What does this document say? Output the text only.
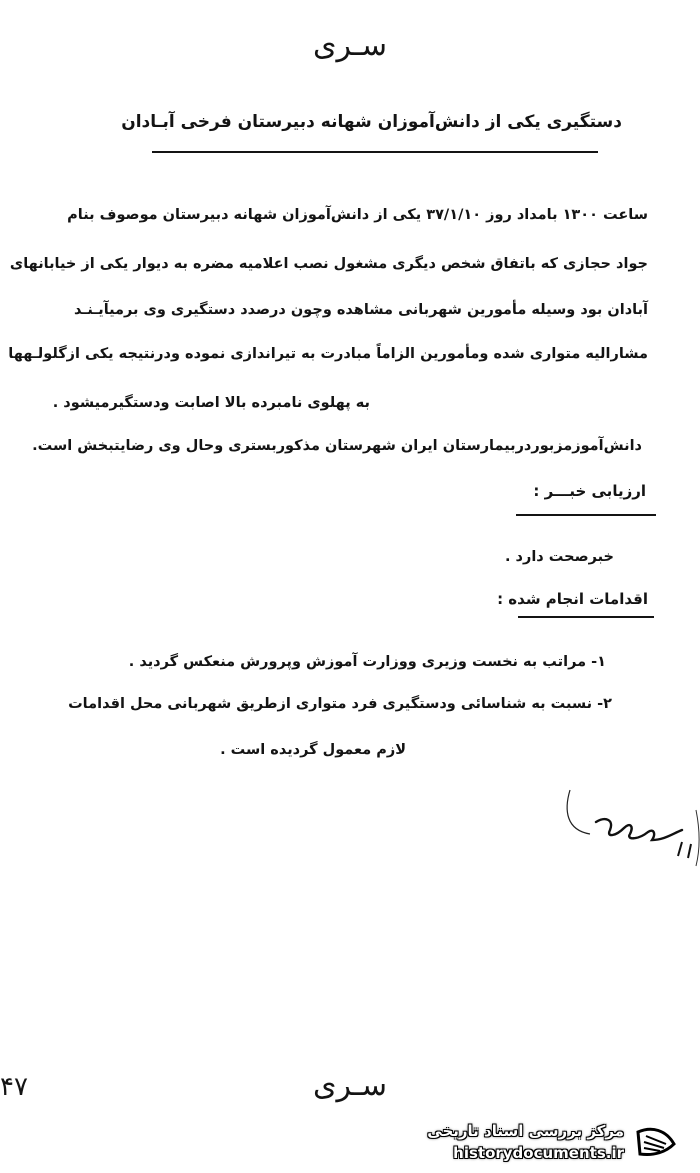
سـری
دستگیری یکی از دانش‌آموزان شهانه دبیرستان فرخی آبـادان
ساعت ۱۳۰۰ بامداد روز ۳۷/۱/۱۰ یکی از دانش‌آموزان شهانه دبیرستان موصوف بنام
جواد حجازی که باتفاق شخص دیگری مشغول نصب اعلامیه مضره به دیوار یکی از خیابانهای
آبادان بود وسیله مأمورین شهربانی مشاهده وچون درصدد دستگیری وی برمیآیـنـد
مشارالیه متواری شده ومأمورین الزاماً مبادرت به تیراندازی نموده ودرنتیجه یکی ازگلولـهها
به پهلوی نامبرده بالا اصابت ودستگیرمیشود .
دانش‌آموزمزبوردربیمارستان ایران شهرستان مذکوربستری وحال وی رضایتبخش است.
ارزیابی خبـــر :
خبرصحت دارد .
اقدامات انجام شده :
۱- مراتب به نخست وزیری ووزارت آموزش وپرورش منعکس گردید .
۲- نسبت به شناسائی ودستگیری فرد متواری ازطریق شهربانی محل اقدامات
لازم معمول گردیده است .
سـری
۴۷
مرکز بررسی اسناد تاریخی
historydocuments.ir
